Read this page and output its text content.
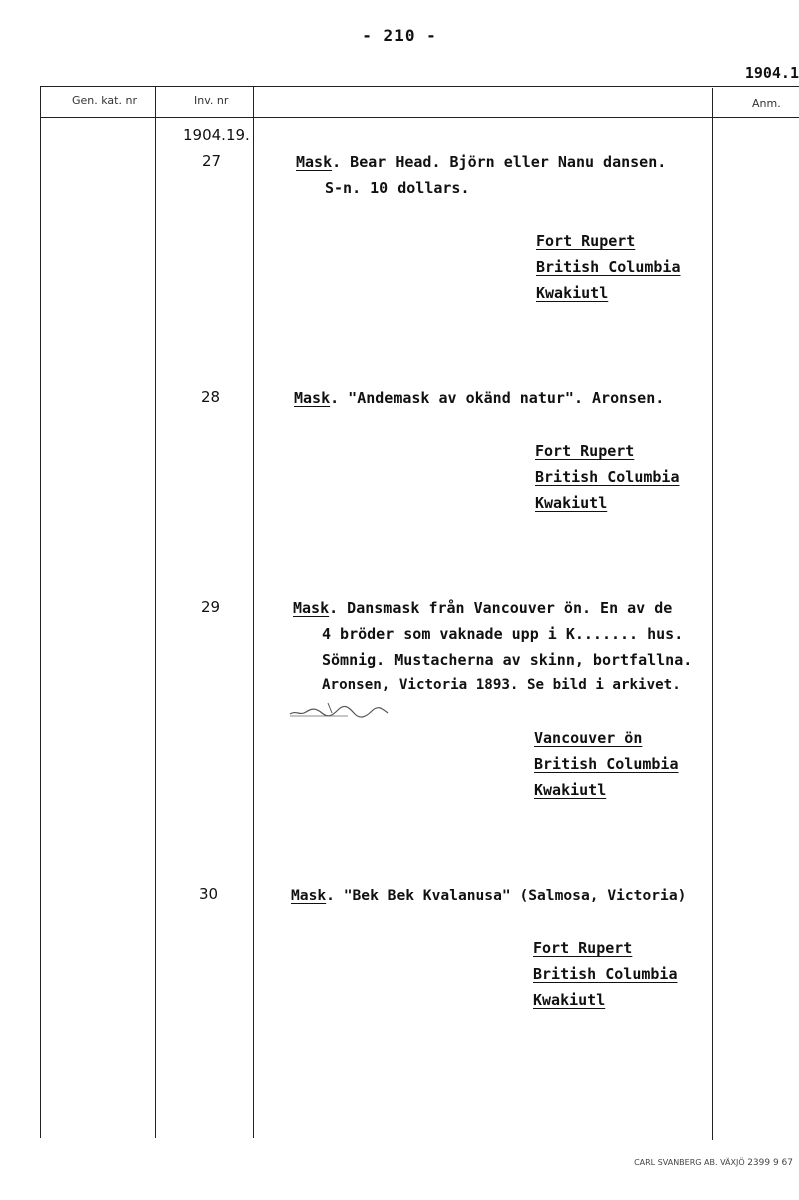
- 210 -
1904.1
Gen. kat. nr	Inv. nr	Anm.
1904.19.
27	Mask. Bear Head. Björn eller Nanu dansen.
S-n. 10 dollars.
Fort Rupert
British Columbia
Kwakiutl
28	Mask. "Andemask av okänd natur". Aronsen.
Fort Rupert
British Columbia
Kwakiutl
29	Mask. Dansmask från Vancouver ön. En av de
4 bröder som vaknade upp i K....... hus.
Sömnig. Mustacherna av skinn, bortfallna.
Aronsen, Victoria 1893. Se bild i arkivet.
Vancouver ön
British Columbia
Kwakiutl
30	Mask. "Bek Bek Kvalanusa" (Salmosa, Victoria)
Fort Rupert
British Columbia
Kwakiutl
CARL SVANBERG AB. VÄXJÖ 2399 9 67
